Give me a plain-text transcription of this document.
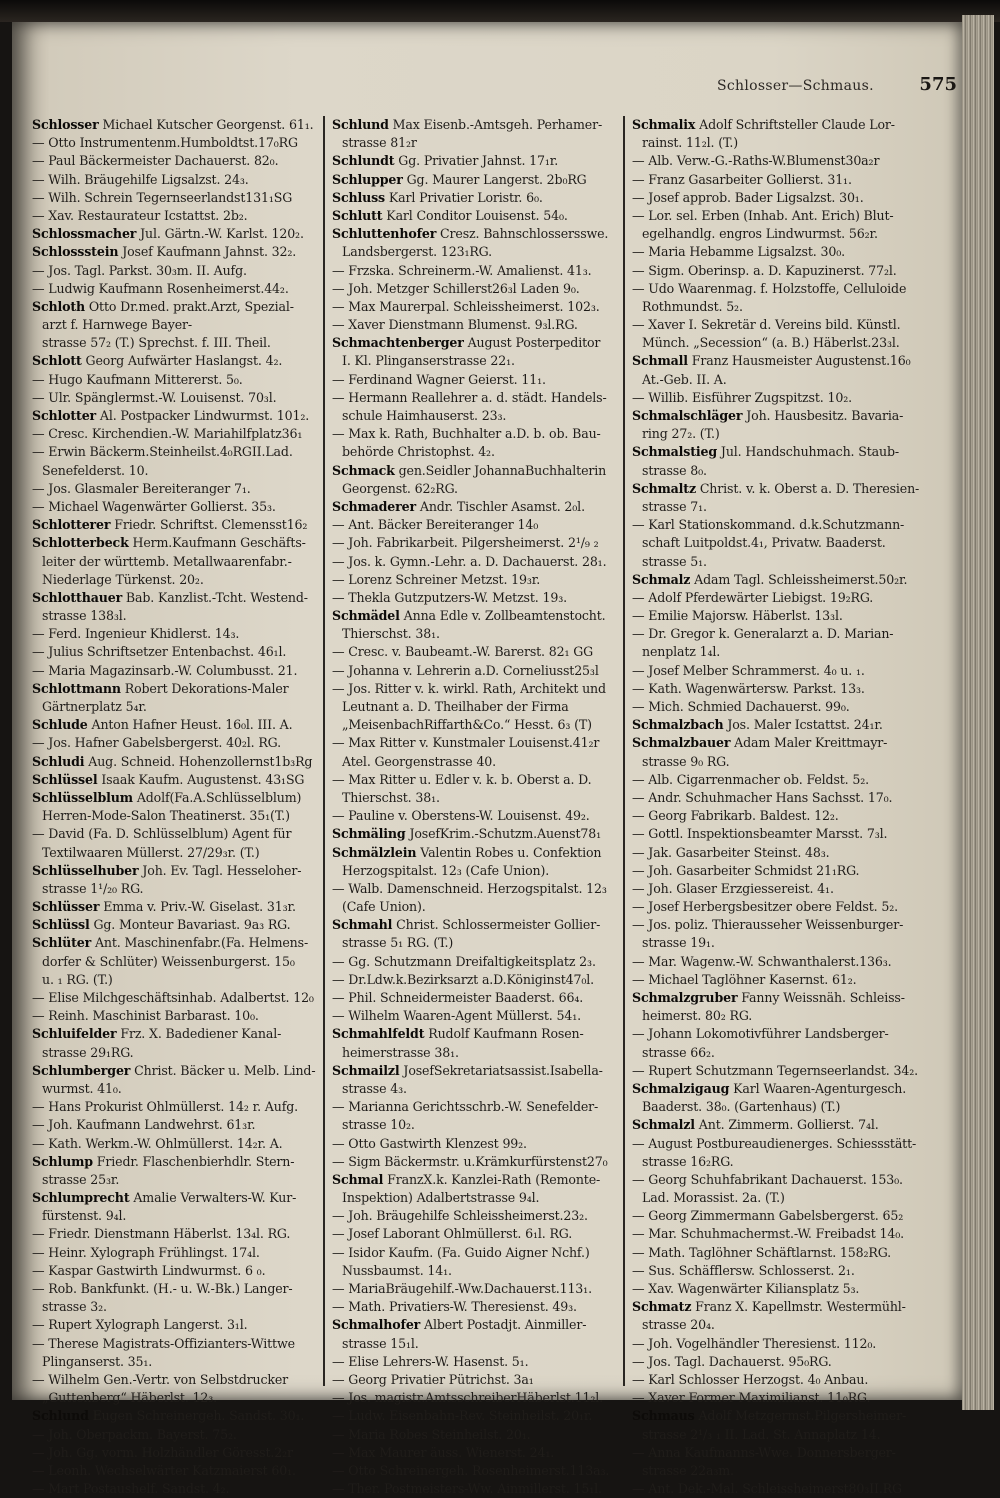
Schlosser—Schmaus.	575
Schlosser Michael Kutscher Georgenst. 61₁.
— Otto Instrumentenm.Humboldtst.17₀RG
— Paul Bäckermeister Dachauerst. 82₀.
— Wilh. Bräugehilfe Ligsalzst. 24₃.
— Wilh. Schrein Tegernseerlandst131₁SG
— Xav. Restaurateur Icstattst. 2b₂.
Schlossmacher Jul. Gärtn.-W. Karlst. 120₂.
Schlossstein Josef Kaufmann Jahnst. 32₂.
— Jos. Tagl. Parkst. 30₃m. II. Aufg.
— Ludwig Kaufmann Rosenheimerst.44₂.
Schloth Otto Dr.med. prakt.Arzt, Spezial-
arzt f. Harnwege Bayer-
strasse 57₂ (T.) Sprechst. f. III. Theil.
Schlott Georg Aufwärter Haslangst. 4₂.
— Hugo Kaufmann Mittererst. 5₀.
— Ulr. Spänglermst.-W. Louisenst. 70₃l.
Schlotter Al. Postpacker Lindwurmst. 101₂.
— Cresc. Kirchendien.-W. Mariahilfplatz36₁
— Erwin Bäckerm.Steinheilst.4₀RGII.Lad.
Senefelderst. 10.
— Jos. Glasmaler Bereiteranger 7₁.
— Michael Wagenwärter Gollierst. 35₃.
Schlotterer Friedr. Schriftst. Clemensst16₂
Schlotterbeck Herm.Kaufmann Geschäfts-
leiter der württemb. Metallwaarenfabr.-
Niederlage Türkenst. 20₂.
Schlotthauer Bab. Kanzlist.-Tcht. Westend-
strasse 138₃l.
— Ferd. Ingenieur Khidlerst. 14₃.
— Julius Schriftsetzer Entenbachst. 46₁l.
— Maria Magazinsarb.-W. Columbusst. 21.
Schlottmann Robert Dekorations-Maler
Gärtnerplatz 5₄r.
Schlude Anton Hafner Heust. 16₀l. III. A.
— Jos. Hafner Gabelsbergerst. 40₂l. RG.
Schludi Aug. Schneid. Hohenzollernst1b₃Rg
Schlüssel Isaak Kaufm. Augustenst. 43₁SG
Schlüsselblum Adolf(Fa.A.Schlüsselblum)
Herren-Mode-Salon Theatinerst. 35₁(T.)
— David (Fa. D. Schlüsselblum) Agent für
Textilwaaren Müllerst. 27/29₃r. (T.)
Schlüsselhuber Joh. Ev. Tagl. Hesseloher-
strasse 1¹/₂₀ RG.
Schlüsser Emma v. Priv.-W. Giselast. 31₃r.
Schlüssl Gg. Monteur Bavariast. 9a₃ RG.
Schlüter Ant. Maschinenfabr.(Fa. Helmens-
dorfer & Schlüter) Weissenburgerst. 15₀
u. ₁ RG. (T.)
— Elise Milchgeschäftsinhab. Adalbertst. 12₀
— Reinh. Maschinist Barbarast. 10₀.
Schluifelder Frz. X. Badediener Kanal-
strasse 29₁RG.
Schlumberger Christ. Bäcker u. Melb. Lind-
wurmst. 41₀.
— Hans Prokurist Ohlmüllerst. 14₂ r. Aufg.
— Joh. Kaufmann Landwehrst. 61₃r.
— Kath. Werkm.-W. Ohlmüllerst. 14₂r. A.
Schlump Friedr. Flaschenbierhdlr. Stern-
strasse 25₃r.
Schlumprecht Amalie Verwalters-W. Kur-
fürstenst. 9₄l.
— Friedr. Dienstmann Häberlst. 13₄l. RG.
— Heinr. Xylograph Frühlingst. 17₄l.
— Kaspar Gastwirth Lindwurmst. 6 ₀.
— Rob. Bankfunkt. (H.- u. W.-Bk.) Langer-
strasse 3₂.
— Rupert Xylograph Langerst. 3₁l.
— Therese Magistrats-Offizianters-Wittwe
Plinganserst. 35₁.
— Wilhelm Gen.-Vertr. von Selbstdrucker
„Guttenberg“ Häberlst. 12₃.
Schlund Eugen Schreinergeh. Sandst. 30₁.
— Joh. Oberpackm. Bayerst. 75₂.
— Joh. Gg. vorm. Holzhändler Göresst.2₂r
— Leonh. Wechselwärter Katzmaierst 60₁.
— Mart Postaushelf. Sandst. 4₂.
Schlund Max Eisenb.-Amtsgeh. Perhamer-
strasse 81₂r
Schlundt Gg. Privatier Jahnst. 17₁r.
Schlupper Gg. Maurer Langerst. 2b₀RG
Schluss Karl Privatier Loristr. 6₀.
Schlutt Karl Conditor Louisenst. 54₀.
Schluttenhofer Cresz. Bahnschlossersswe.
Landsbergerst. 123₁RG.
— Frzska. Schreinerm.-W. Amalienst. 41₃.
— Joh. Metzger Schillerst26₃l Laden 9₀.
— Max Maurerpal. Schleissheimerst. 102₃.
— Xaver Dienstmann Blumenst. 9₃l.RG.
Schmachtenberger August Posterpeditor
I. Kl. Plinganserstrasse 22₁.
— Ferdinand Wagner Geierst. 11₁.
— Hermann Reallehrer a. d. städt. Handels-
schule Haimhauserst. 23₃.
— Max k. Rath, Buchhalter a.D. b. ob. Bau-
behörde Christophst. 4₂.
Schmack gen.Seidler JohannaBuchhalterin
Georgenst. 62₂RG.
Schmaderer Andr. Tischler Asamst. 2₀l.
— Ant. Bäcker Bereiteranger 14₀
— Joh. Fabrikarbeit. Pilgersheimerst. 2¹/₉ ₂
— Jos. k. Gymn.-Lehr. a. D. Dachauerst. 28₁.
— Lorenz Schreiner Metzst. 19₃r.
— Thekla Gutzputzers-W. Metzst. 19₃.
Schmädel Anna Edle v. Zollbeamtenstocht.
Thierschst. 38₁.
— Cresc. v. Baubeamt.-W. Barerst. 82₁ GG
— Johanna v. Lehrerin a.D. Corneliusst25₃l
— Jos. Ritter v. k. wirkl. Rath, Architekt und
Leutnant a. D. Theilhaber der Firma
„MeisenbachRiffarth&Co.“ Hesst. 6₃ (T)
— Max Ritter v. Kunstmaler Louisenst.41₂r
Atel. Georgenstrasse 40.
— Max Ritter u. Edler v. k. b. Oberst a. D.
Thierschst. 38₁.
— Pauline v. Oberstens-W. Louisenst. 49₂.
Schmäling JosefKrim.-Schutzm.Auenst78₁
Schmälzlein Valentin Robes u. Confektion
Herzogspitalst. 12₃ (Cafe Union).
— Walb. Damenschneid. Herzogspitalst. 12₃
(Cafe Union).
Schmahl Christ. Schlossermeister Gollier-
strasse 5₁ RG. (T.)
— Gg. Schutzmann Dreifaltigkeitsplatz 2₃.
— Dr.Ldw.k.Bezirksarzt a.D.Königinst47₀l.
— Phil. Schneidermeister Baaderst. 66₄.
— Wilhelm Waaren-Agent Müllerst. 54₁.
Schmahlfeldt Rudolf Kaufmann Rosen-
heimerstrasse 38₁.
Schmailzl JosefSekretariatsassist.Isabella-
strasse 4₃.
— Marianna Gerichtsschrb.-W. Senefelder-
strasse 10₂.
— Otto Gastwirth Klenzest 99₂.
— Sigm Bäckermstr. u.Krämkurfürstenst27₀
Schmal FranzX.k. Kanzlei-Rath (Remonte-
Inspektion) Adalbertstrasse 9₄l.
— Joh. Bräugehilfe Schleissheimerst.23₂.
— Josef Laborant Ohlmüllerst. 6₁l. RG.
— Isidor Kaufm. (Fa. Guido Aigner Nchf.)
Nussbaumst. 14₁.
— MariaBräugehilf.-Ww.Dachauerst.113₁.
— Math. Privatiers-W. Theresienst. 49₃.
Schmalhofer Albert Postadjt. Ainmiller-
strasse 15₁l.
— Elise Lehrers-W. Hasenst. 5₁.
— Georg Privatier Pütrichst. 3a₁
— Jos. magistr.AmtsschreiberHäberlst.11₂l.
— Ludw. Eisenbahn-Rev. Steinheilst. 20₁r.
— Maria Robes Steinheilst. 20₁.
— Max Maurer äuss. Wienerst. 24₁.
— Otto Schreinergeh. Rosenheimerst.113a₃.
— Ther. Postmeisters-Ww. Ainmillerst. 15₁l.
Schmalix Adolf Schriftsteller Claude Lor-
rainst. 11₂l. (T.)
— Alb. Verw.-G.-Raths-W.Blumenst30a₂r
— Franz Gasarbeiter Gollierst. 31₁.
— Josef approb. Bader Ligsalzst. 30₁.
— Lor. sel. Erben (Inhab. Ant. Erich) Blut-
egelhandlg. engros Lindwurmst. 56₂r.
— Maria Hebamme Ligsalzst. 30₀.
— Sigm. Oberinsp. a. D. Kapuzinerst. 77₂l.
— Udo Waarenmag. f. Holzstoffe, Celluloide
Rothmundst. 5₂.
— Xaver I. Sekretär d. Vereins bild. Künstl.
Münch. „Secession“ (a. B.) Häberlst.23₃l.
Schmall Franz Hausmeister Augustenst.16₀
At.-Geb. II. A.
— Willib. Eisführer Zugspitzst. 10₂.
Schmalschläger Joh. Hausbesitz. Bavaria-
ring 27₂. (T.)
Schmalstieg Jul. Handschuhmach. Staub-
strasse 8₀.
Schmaltz Christ. v. k. Oberst a. D. Theresien-
strasse 7₁.
— Karl Stationskommand. d.k.Schutzmann-
schaft Luitpoldst.4₁, Privatw. Baaderst.
strasse 5₁.
Schmalz Adam Tagl. Schleissheimerst.50₂r.
— Adolf Pferdewärter Liebigst. 19₂RG.
— Emilie Majorsw. Häberlst. 13₃l.
— Dr. Gregor k. Generalarzt a. D. Marian-
nenplatz 1₄l.
— Josef Melber Schrammerst. 4₀ u. ₁.
— Kath. Wagenwärtersw. Parkst. 13₃.
— Mich. Schmied Dachauerst. 99₀.
Schmalzbach Jos. Maler Icstattst. 24₁r.
Schmalzbauer Adam Maler Kreittmayr-
strasse 9₀ RG.
— Alb. Cigarrenmacher ob. Feldst. 5₂.
— Andr. Schuhmacher Hans Sachsst. 17₀.
— Georg Fabrikarb. Baldest. 12₂.
— Gottl. Inspektionsbeamter Marsst. 7₃l.
— Jak. Gasarbeiter Steinst. 48₃.
— Joh. Gasarbeiter Schmidst 21₁RG.
— Joh. Glaser Erzgiessereist. 4₁.
— Josef Herbergsbesitzer obere Feldst. 5₂.
— Jos. poliz. Thierausseher Weissenburger-
strasse 19₁.
— Mar. Wagenw.-W. Schwanthalerst.136₃.
— Michael Taglöhner Kasernst. 61₂.
Schmalzgruber Fanny Weissnäh. Schleiss-
heimerst. 80₂ RG.
— Johann Lokomotivführer Landsberger-
strasse 66₂.
— Rupert Schutzmann Tegernseerlandst. 34₂.
Schmalzigaug Karl Waaren-Agenturgesch.
Baaderst. 38₀. (Gartenhaus) (T.)
Schmalzl Ant. Zimmerm. Gollierst. 7₄l.
— August Postbureaudienerges. Schiessstätt-
strasse 16₂RG.
— Georg Schuhfabrikant Dachauerst. 153₀.
Lad. Morassist. 2a. (T.)
— Georg Zimmermann Gabelsbergerst. 65₂
— Mar. Schuhmachermst.-W. Freibadst 14₀.
— Math. Taglöhner Schäftlarnst. 158₂RG.
— Sus. Schäfflersw. Schlosserst. 2₁.
— Xav. Wagenwärter Kiliansplatz 5₃.
Schmatz Franz X. Kapellmstr. Westermühl-
strasse 20₄.
— Joh. Vogelhändler Theresienst. 112₀.
— Jos. Tagl. Dachauerst. 95₀RG.
— Karl Schlosser Herzogst. 4₀ Anbau.
— Xaver Former Maximilianst. 11₀RG.
Schmaus Adolf Metzgermst.Pilgersheimer-
strasse 2¹/₃ ₁ II. Lad. St. Annaplatz 14.
— Anna Kaufmanns-Wwe. Donnersberger-
strasse 22a₃m.
— Ant. Dek.-Mal. Schleissheimerst80₃II.RG
